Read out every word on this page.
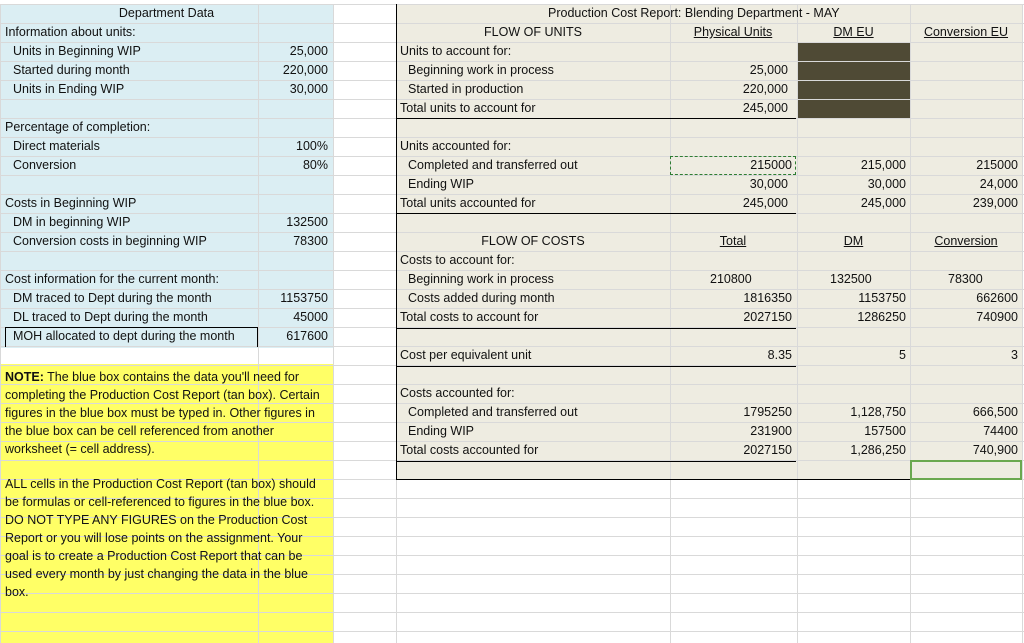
Department Data
Information about units:
Units in Beginning WIP	25,000
Started during month	220,000
Units in Ending WIP	30,000
Percentage of completion:
Direct materials	100%
Conversion	80%
Costs in Beginning WIP
DM in beginning WIP	132500
Conversion costs in beginning WIP	78300
Cost information for the current month:
DM traced to Dept during the month	1153750
DL traced to Dept during the month	45000
MOH allocated to dept during the month	617600
NOTE: The blue box contains the data you'll need for completing the Production Cost Report (tan box). Certain figures in the blue box must be typed in. Other figures in the blue box can be cell referenced from another worksheet (= cell address).
ALL cells in the Production Cost Report (tan box) should be formulas or cell-referenced to figures in the blue box. DO NOT TYPE ANY FIGURES on the Production Cost Report or you will lose points on the assignment. Your goal is to create a Production Cost Report that can be used every month by just changing the data in the blue box.
Production Cost Report: Blending Department - MAY
FLOW OF UNITS	Physical Units	DM EU	Conversion EU
Units to account for:
Beginning work in process	25,000
Started in production	220,000
Total units to account for	245,000
Units accounted for:
Completed and transferred out	215000	215,000	215000
Ending WIP	30,000	30,000	24,000
Total units accounted for	245,000	245,000	239,000
FLOW OF COSTS	Total	DM	Conversion
Costs to account for:
Beginning work in process	210800	132500	78300
Costs added during month	1816350	1153750	662600
Total costs to account for	2027150	1286250	740900
Cost per equivalent unit	8.35	5	3
Costs accounted for:
Completed and transferred out	1795250	1,128,750	666,500
Ending WIP	231900	157500	74400
Total costs accounted for	2027150	1,286,250	740,900
